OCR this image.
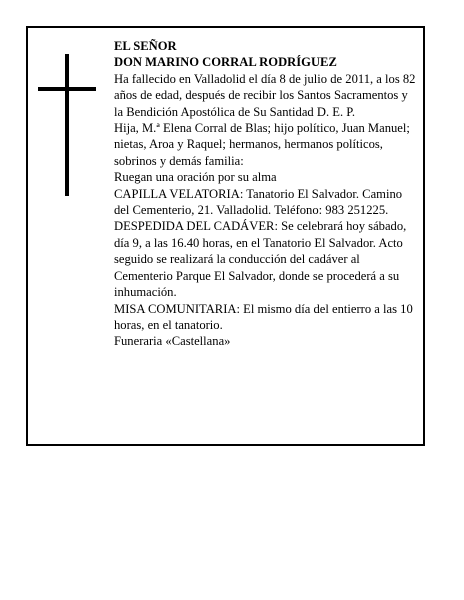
EL SEÑOR

DON MARINO CORRAL RODRÍGUEZ

Ha fallecido en Valladolid el día 8 de julio de 2011, a los 82 años de edad, después de recibir los Santos Sacramentos y la Bendición Apostólica de Su Santidad D. E. P.

Hija, M.ª Elena Corral de Blas; hijo político, Juan Manuel; nietas, Aroa y Raquel; hermanos, hermanos políticos, sobrinos y demás familia:

Ruegan una oración por su alma

CAPILLA VELATORIA: Tanatorio El Salvador. Camino del Cementerio, 21. Valladolid. Teléfono: 983 251225.

DESPEDIDA DEL CADÁVER: Se celebrará hoy sábado, día 9, a las 16.40 horas, en el Tanatorio El Salvador. Acto seguido se realizará la conducción del cadáver al Cementerio Parque El Salvador, donde se procederá a su inhumación.

MISA COMUNITARIA: El mismo día del entierro a las 10 horas, en el tanatorio.

Funeraria «Castellana»
